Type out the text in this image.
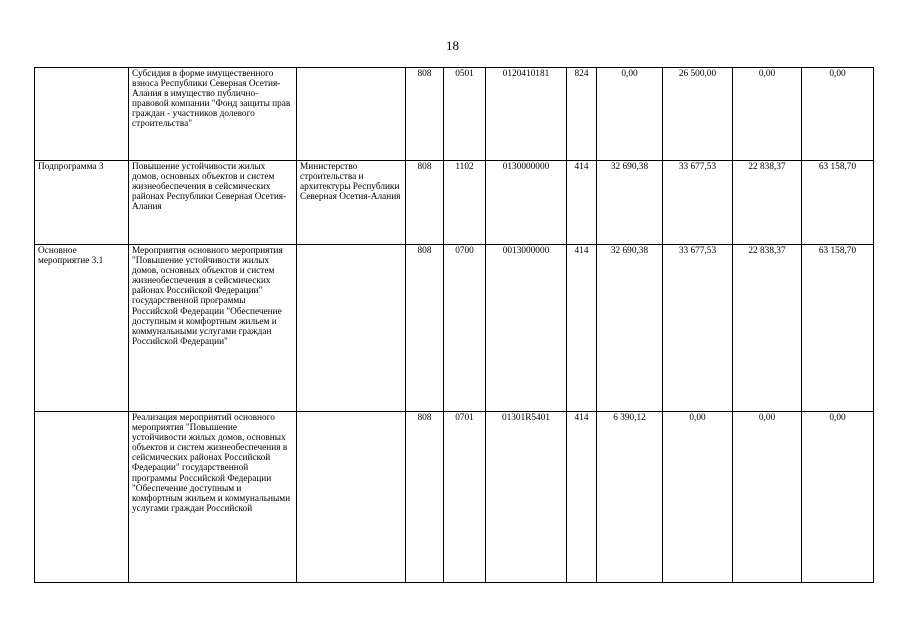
18
	Субсидия в форме имущественного взноса Республики Северная Осетия-Алания в имущество публично-правовой компании "Фонд защиты прав граждан - участников долевого строительства"		808	0501	0120410181	824	0,00	26 500,00	0,00	0,00
Подпрограмма 3	Повышение устойчивости жилых домов, основных объектов и систем жизнеобеспечения в сейсмических районах Республики Северная Осетия-Алания	Министерство строительства и архитектуры Республики Северная Осетия-Алания	808	1102	0130000000	414	32 690,38	33 677,53	22 838,37	63 158,70
Основное мероприятие 3.1	Мероприятия основного мероприятия "Повышение устойчивости жилых домов, основных объектов и систем жизнеобеспечения в сейсмических районах Российской Федерации" государственной программы Российской Федерации "Обеспечение доступным и комфортным жильем и коммунальными услугами граждан Российской Федерации"		808	0700	0013000000	414	32 690,38	33 677,53	22 838,37	63 158,70
	Реализация мероприятий основного мероприятия "Повышение устойчивости жилых домов, основных объектов и систем жизнеобеспечения в сейсмических районах Российской Федерации" государственной программы Российской Федерации "Обеспечение доступным и комфортным жильем и коммунальными услугами граждан Российской		808	0701	01301R5401	414	6 390,12	0,00	0,00	0,00
